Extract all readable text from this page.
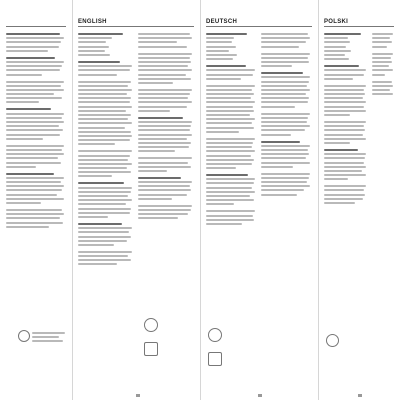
ENGLISH	DEUTSCH	POLSKI
